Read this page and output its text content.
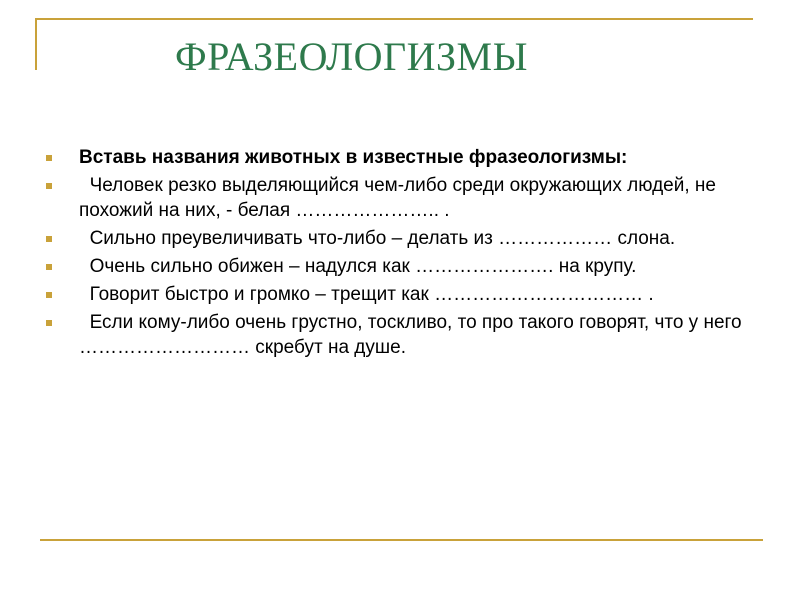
ФРАЗЕОЛОГИЗМЫ
Вставь названия животных в известные фразеологизмы:
Человек резко выделяющийся чем-либо среди окружающих людей, не похожий на них, - белая ………………….. .
Сильно преувеличивать что-либо – делать из ……………… слона.
Очень сильно обижен – надулся как …………………. на крупу.
Говорит быстро и громко – трещит как …………………………… .
Если кому-либо очень грустно, тоскливо, то про такого говорят, что у него ……………………… скребут на душе.
